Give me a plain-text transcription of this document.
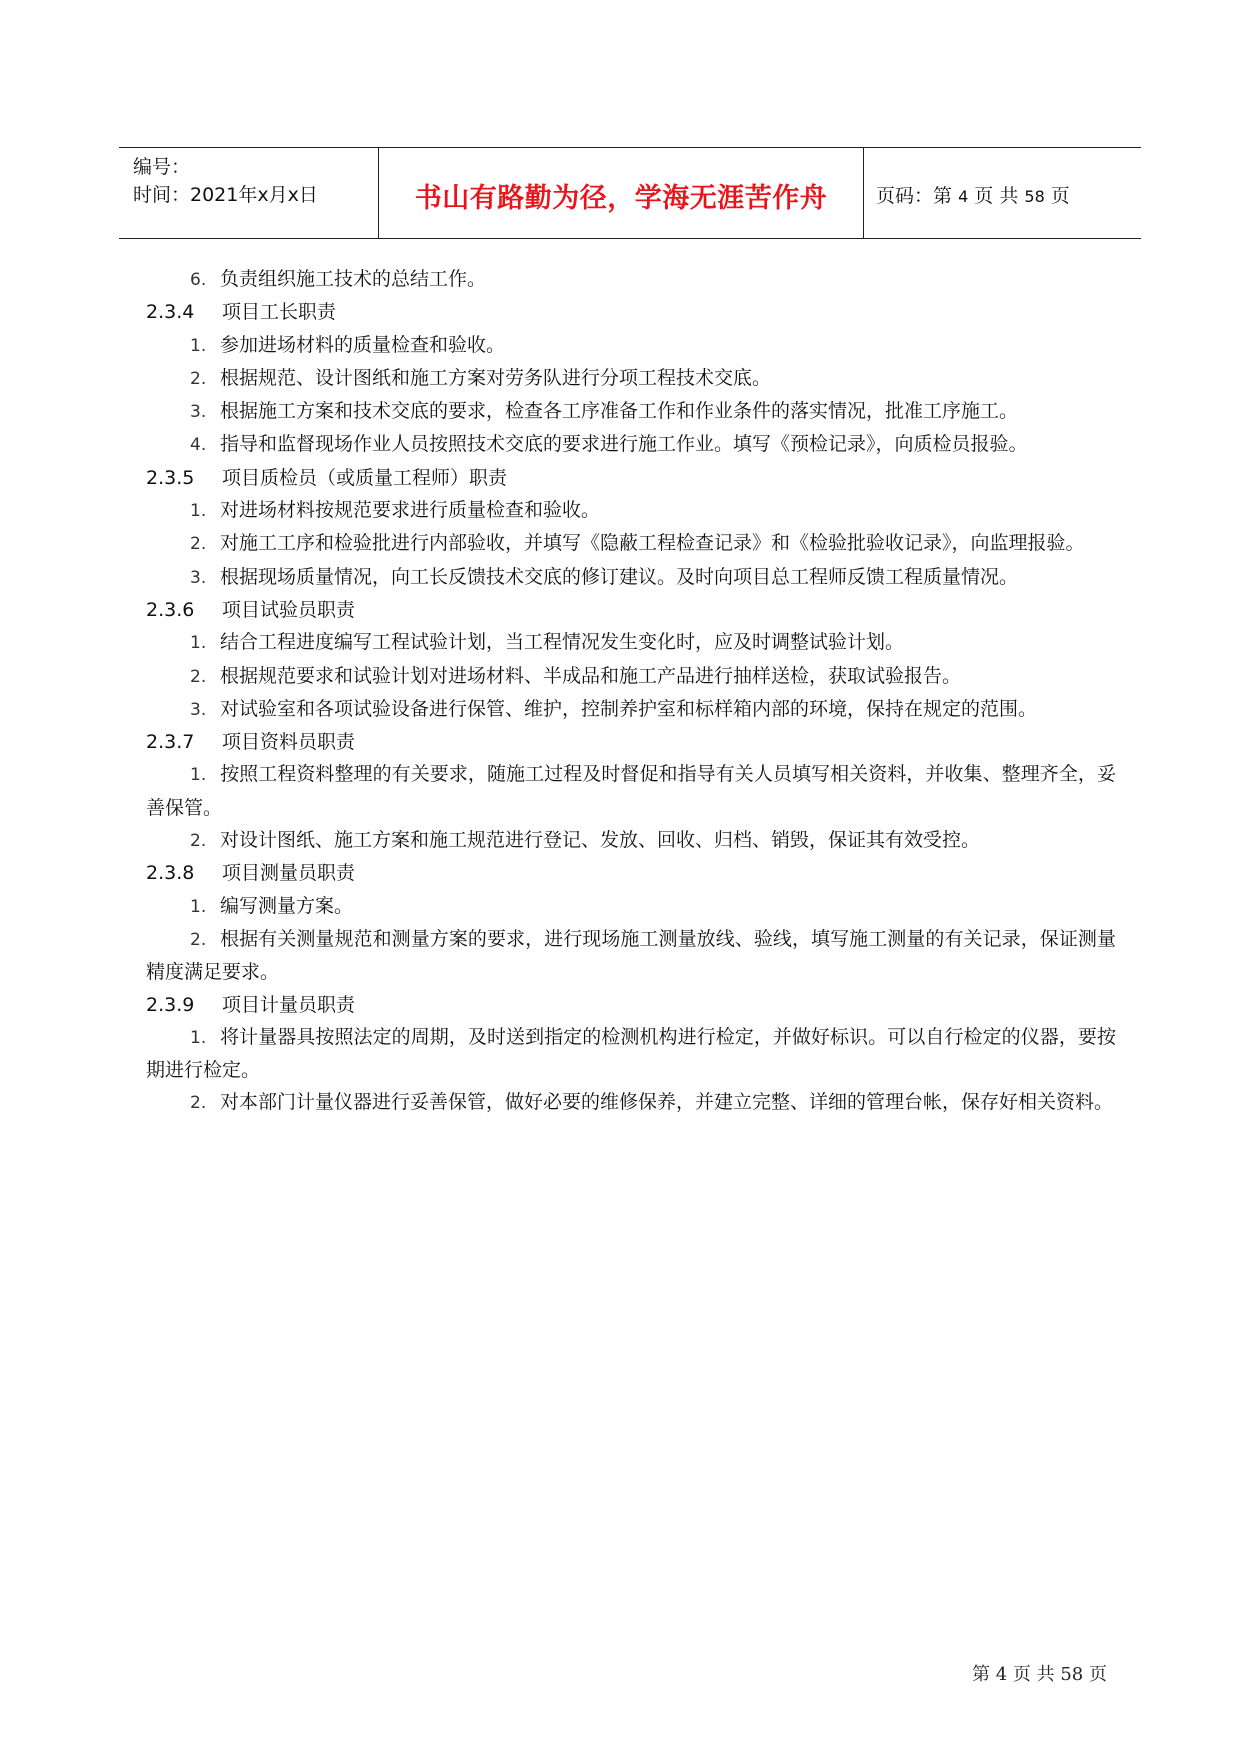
编号：
时间：2021年x月x日	书山有路勤为径，学海无涯苦作舟	页码：第 4 页 共 58 页

6. 负责组织施工技术的总结工作。

2.3.4 项目工长职责

1. 参加进场材料的质量检查和验收。

2. 根据规范、设计图纸和施工方案对劳务队进行分项工程技术交底。

3. 根据施工方案和技术交底的要求，检查各工序准备工作和作业条件的落实情况，批准工序施工。

4. 指导和监督现场作业人员按照技术交底的要求进行施工作业。填写《预检记录》，向质检员报验。

2.3.5 项目质检员（或质量工程师）职责

1. 对进场材料按规范要求进行质量检查和验收。

2. 对施工工序和检验批进行内部验收，并填写《隐蔽工程检查记录》和《检验批验收记录》，向监理报验。

3. 根据现场质量情况，向工长反馈技术交底的修订建议。及时向项目总工程师反馈工程质量情况。

2.3.6 项目试验员职责

1. 结合工程进度编写工程试验计划，当工程情况发生变化时，应及时调整试验计划。

2. 根据规范要求和试验计划对进场材料、半成品和施工产品进行抽样送检，获取试验报告。

3. 对试验室和各项试验设备进行保管、维护，控制养护室和标样箱内部的环境，保持在规定的范围。

2.3.7 项目资料员职责

1. 按照工程资料整理的有关要求，随施工过程及时督促和指导有关人员填写相关资料，并收集、整理齐全，妥善保管。

2. 对设计图纸、施工方案和施工规范进行登记、发放、回收、归档、销毁，保证其有效受控。

2.3.8 项目测量员职责

1. 编写测量方案。

2. 根据有关测量规范和测量方案的要求，进行现场施工测量放线、验线，填写施工测量的有关记录，保证测量精度满足要求。

2.3.9 项目计量员职责

1. 将计量器具按照法定的周期，及时送到指定的检测机构进行检定，并做好标识。可以自行检定的仪器，要按期进行检定。

2. 对本部门计量仪器进行妥善保管，做好必要的维修保养，并建立完整、详细的管理台帐，保存好相关资料。

第 4 页 共 58 页
